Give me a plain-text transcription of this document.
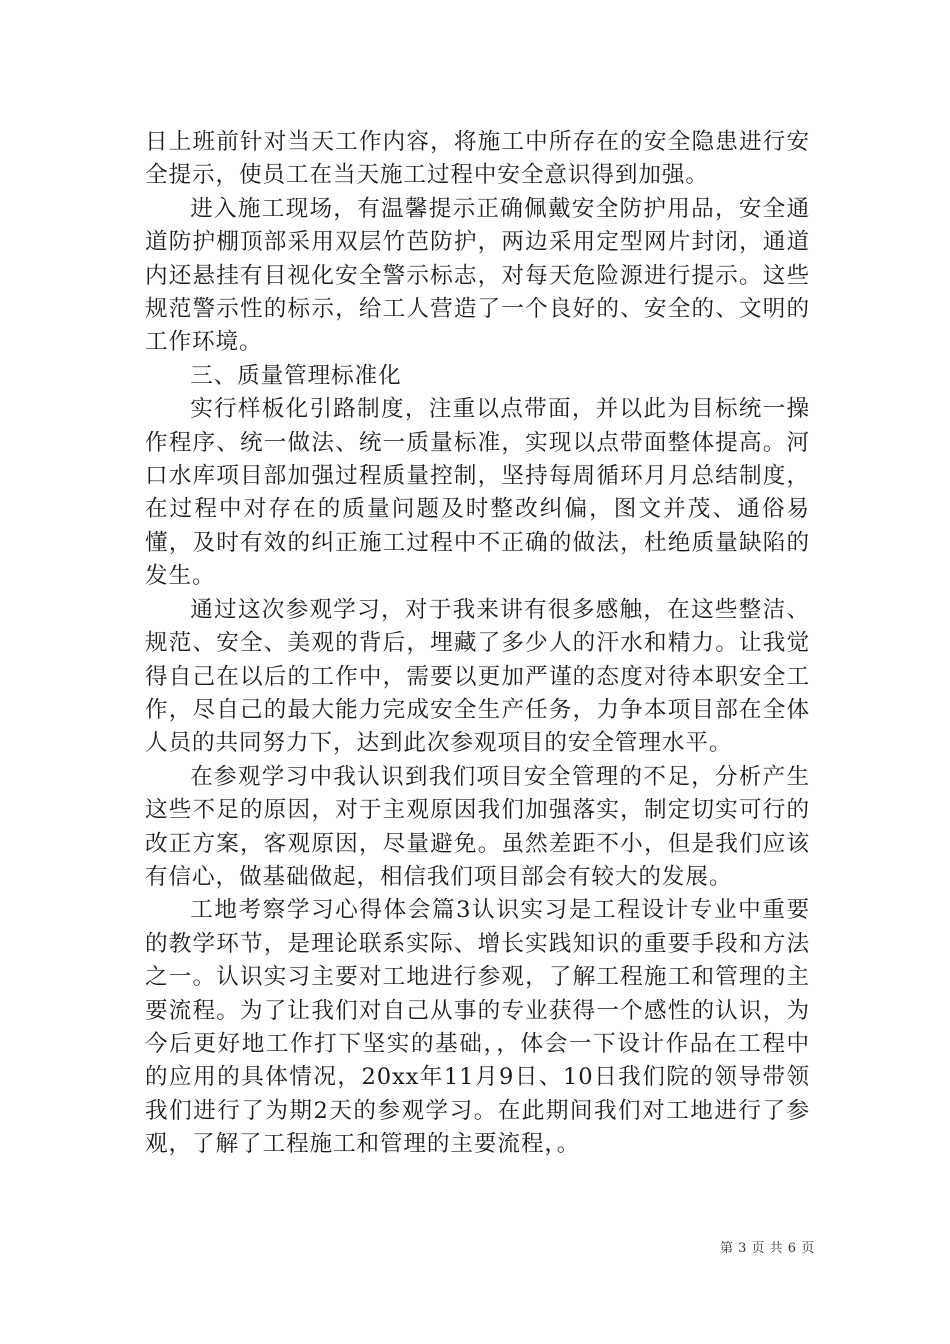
日上班前针对当天工作内容，将施工中所存在的安全隐患进行安全提示，使员工在当天施工过程中安全意识得到加强。

进入施工现场，有温馨提示正确佩戴安全防护用品，安全通道防护棚顶部采用双层竹芭防护，两边采用定型网片封闭，通道内还悬挂有目视化安全警示标志，对每天危险源进行提示。这些规范警示性的标示，给工人营造了一个良好的、安全的、文明的工作环境。

三、质量管理标准化

实行样板化引路制度，注重以点带面，并以此为目标统一操作程序、统一做法、统一质量标准，实现以点带面整体提高。河口水库项目部加强过程质量控制，坚持每周循环月月总结制度，在过程中对存在的质量问题及时整改纠偏，图文并茂、通俗易懂，及时有效的纠正施工过程中不正确的做法，杜绝质量缺陷的发生。

通过这次参观学习，对于我来讲有很多感触，在这些整洁、规范、安全、美观的背后，埋藏了多少人的汗水和精力。让我觉得自己在以后的工作中，需要以更加严谨的态度对待本职安全工作，尽自己的最大能力完成安全生产任务，力争本项目部在全体人员的共同努力下，达到此次参观项目的安全管理水平。

在参观学习中我认识到我们项目安全管理的不足，分析产生这些不足的原因，对于主观原因我们加强落实，制定切实可行的改正方案，客观原因，尽量避免。虽然差距不小，但是我们应该有信心，做基础做起，相信我们项目部会有较大的发展。

工地考察学习心得体会篇3认识实习是工程设计专业中重要的教学环节，是理论联系实际、增长实践知识的重要手段和方法之一。认识实习主要对工地进行参观，了解工程施工和管理的主要流程。为了让我们对自己从事的专业获得一个感性的认识，为今后更好地工作打下坚实的基础，，体会一下设计作品在工程中的应用的具体情况，20xx年11月9日、10日我们院的领导带领我们进行了为期2天的参观学习。在此期间我们对工地进行了参观，了解了工程施工和管理的主要流程，。

第 3 页 共 6 页
